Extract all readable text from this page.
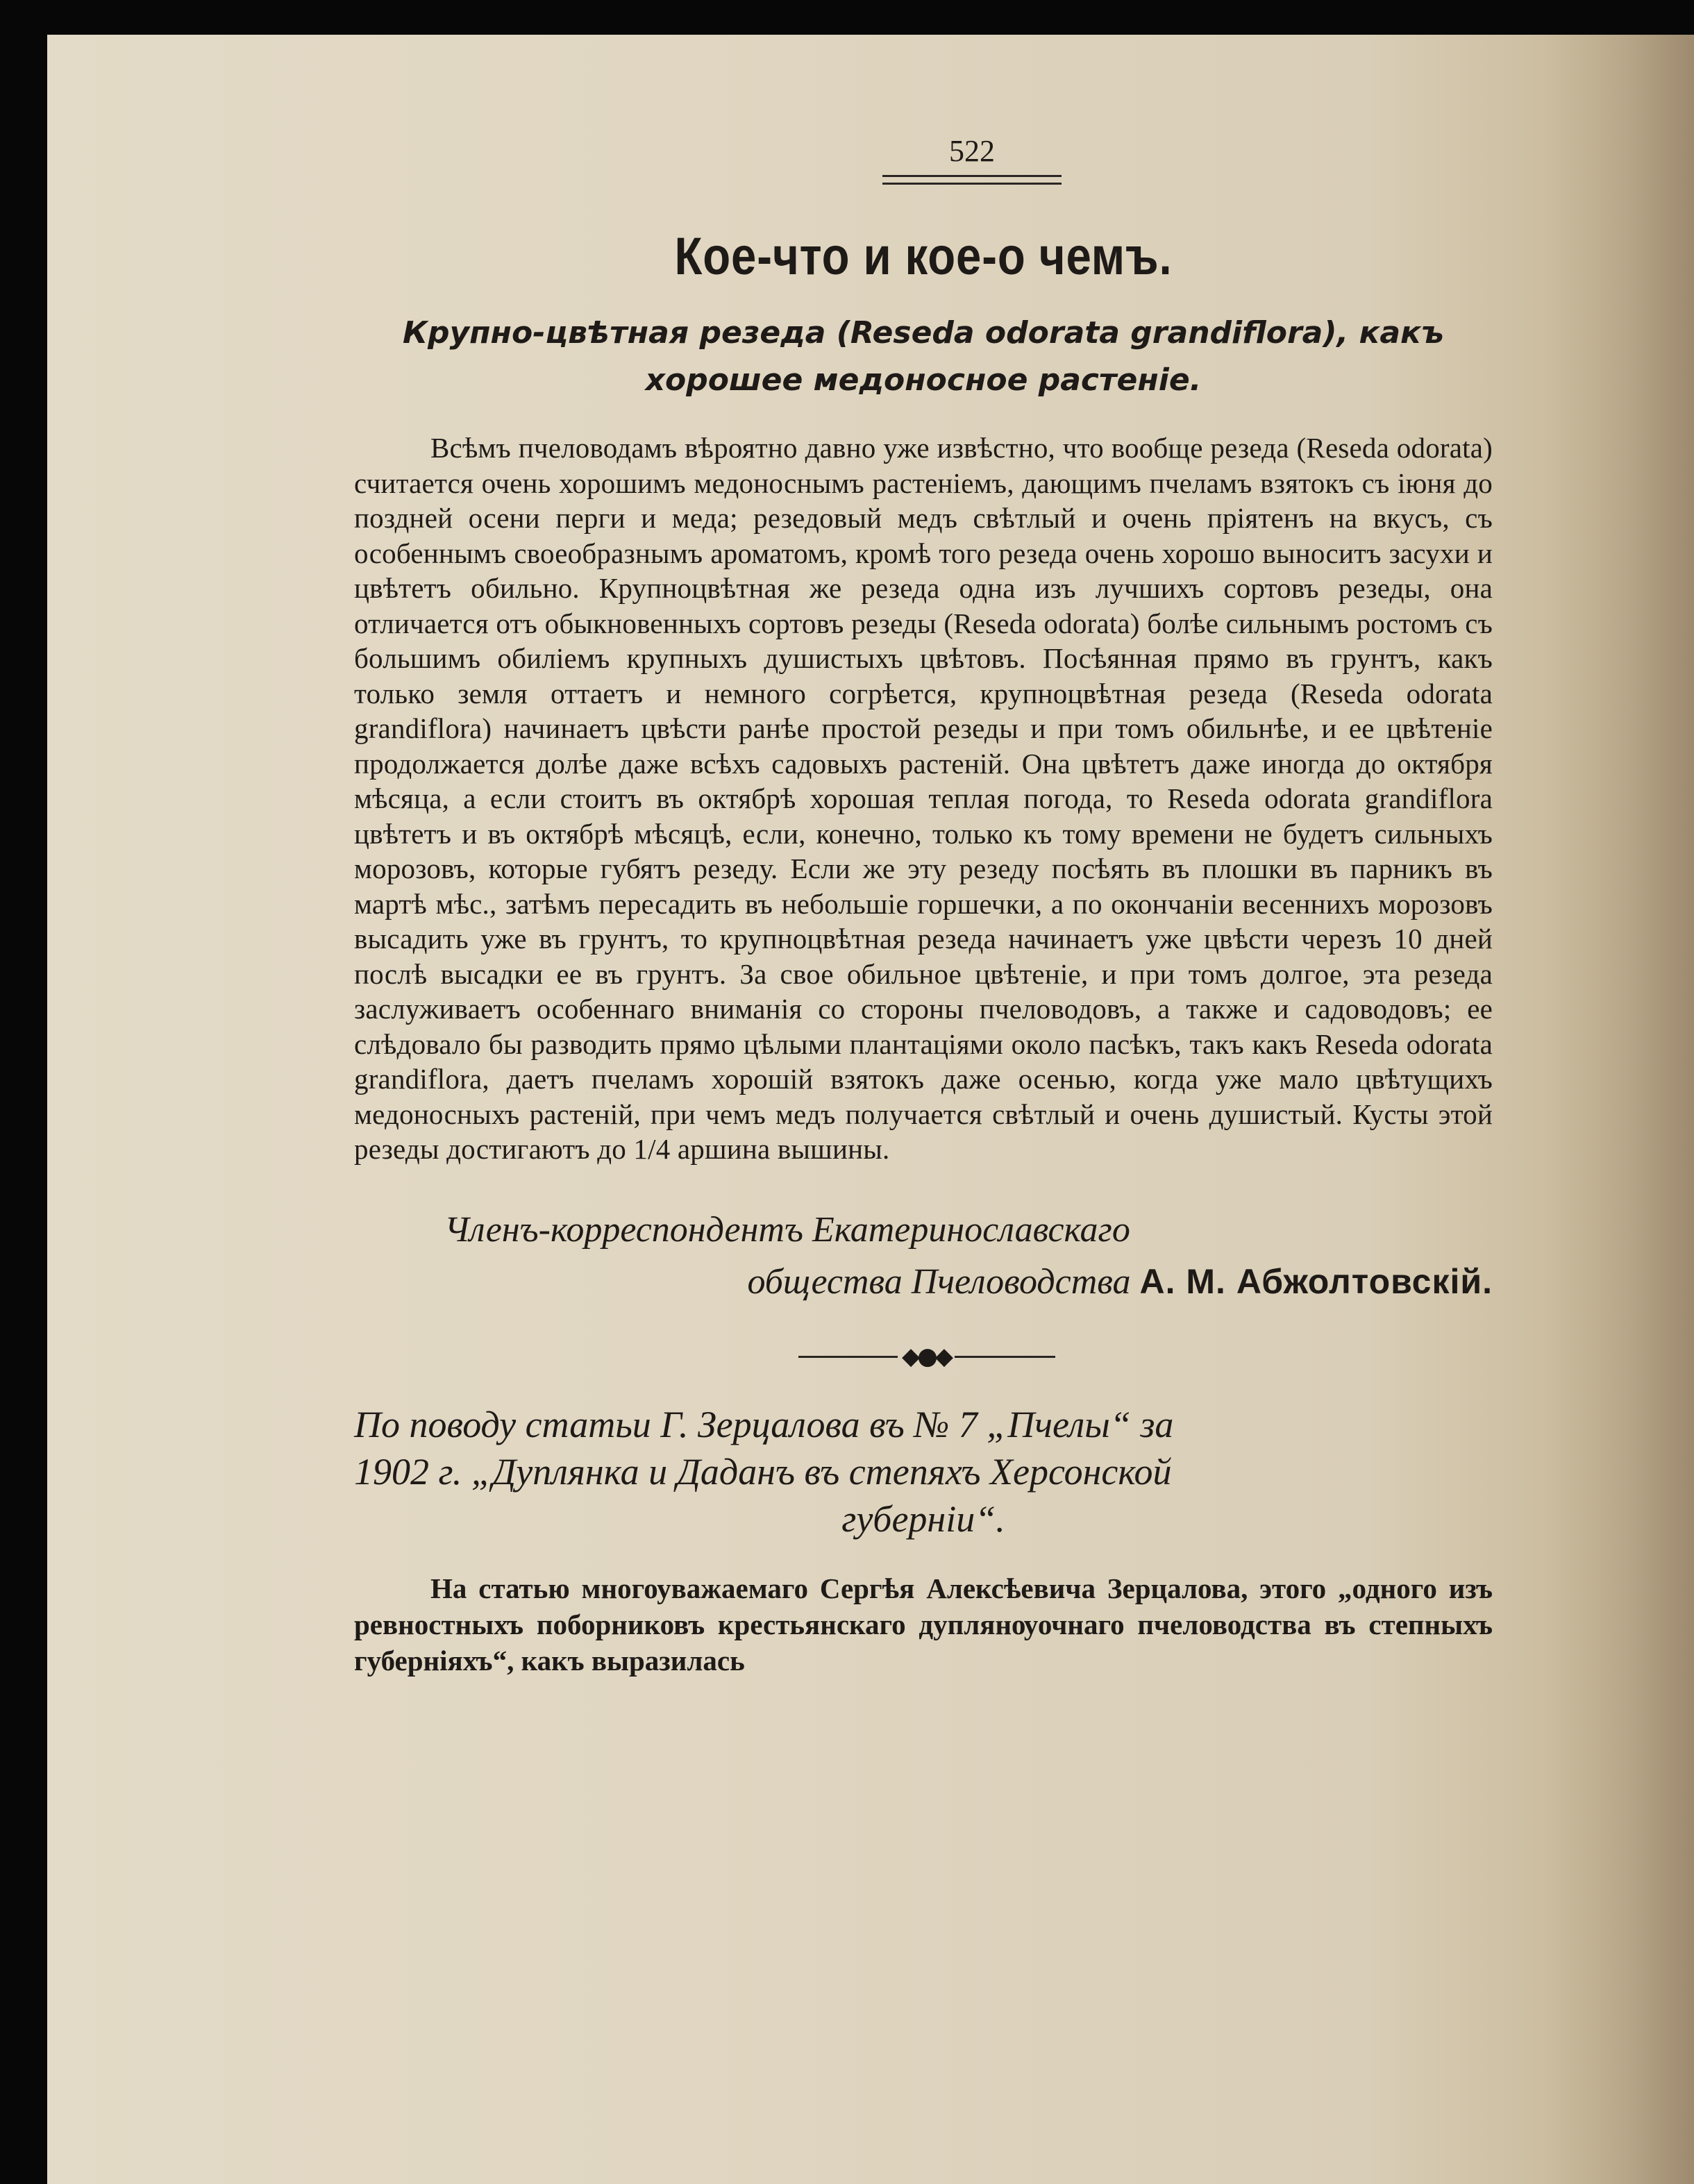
522
Кое-что и кое-о чемъ.
Крупно-цвѣтная резеда (Reseda odorata grandiflora), какъ
хорошее медоносное растеніе.

Всѣмъ пчеловодамъ вѣроятно давно уже извѣстно, что вообще резеда (Reseda odorata) считается очень хорошимъ медоноснымъ растеніемъ, дающимъ пчеламъ взятокъ съ іюня до поздней осени перги и меда; резедовый медъ свѣтлый и очень пріятенъ на вкусъ, съ особеннымъ своеобразнымъ ароматомъ, кромѣ того резеда очень хорошо выноситъ засухи и цвѣтетъ обильно. Крупноцвѣтная же резеда одна изъ лучшихъ сортовъ резеды, она отличается отъ обыкновенныхъ сортовъ резеды (Reseda odorata) болѣе сильнымъ ростомъ съ большимъ обиліемъ крупныхъ душистыхъ цвѣтовъ. Посѣянная прямо въ грунтъ, какъ только земля оттаетъ и немного согрѣется, крупноцвѣтная резеда (Reseda odorata grandiflora) начинаетъ цвѣсти ранѣе простой резеды и при томъ обильнѣе, и ее цвѣтеніе продолжается долѣе даже всѣхъ садовыхъ растеній. Она цвѣтетъ даже иногда до октября мѣсяца, а если стоитъ въ октябрѣ хорошая теплая погода, то Reseda odorata grandiflora цвѣтетъ и въ октябрѣ мѣсяцѣ, если, конечно, только къ тому времени не будетъ сильныхъ морозовъ, которые губятъ резеду. Если же эту резеду посѣять въ плошки въ парникъ въ мартѣ мѣс., затѣмъ пересадить въ небольшіе горшечки, а по окончаніи весеннихъ морозовъ высадить уже въ грунтъ, то крупноцвѣтная резеда начинаетъ уже цвѣсти черезъ 10 дней послѣ высадки ее въ грунтъ. За свое обильное цвѣтеніе, и при томъ долгое, эта резеда заслуживаетъ особеннаго вниманія со стороны пчеловодовъ, а также и садоводовъ; ее слѣдовало бы разводить прямо цѣлыми плантаціями около пасѣкъ, такъ какъ Reseda odorata grandiflora, даетъ пчеламъ хорошій взятокъ даже осенью, когда уже мало цвѣтущихъ медоносныхъ растеній, при чемъ медъ получается свѣтлый и очень душистый. Кусты этой резеды достигаютъ до 1/4 аршина вышины.

Членъ-корреспондентъ Екатеринославскаго
общества Пчеловодства А. М. Абжолтовскій.
◆●◆
По поводу статьи Г. Зерцалова въ № 7 „Пчелы“ за
1902 г. „Дуплянка и Даданъ въ степяхъ Херсонской
губерніи“.

На статью многоуважаемаго Сергѣя Алексѣевича Зерцалова, этого „одного изъ ревностныхъ поборниковъ крестьянскаго дуплянѹочнаго пчеловодства въ степныхъ губерніяхъ“, какъ выразилась
